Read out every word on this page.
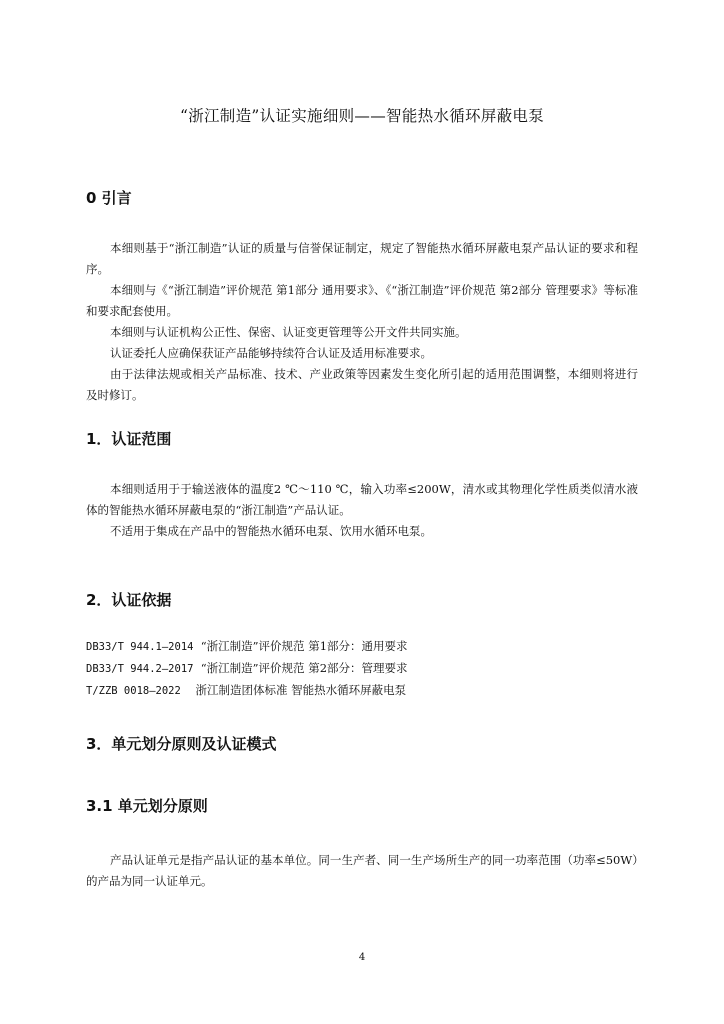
“浙江制造”认证实施细则——智能热水循环屏蔽电泵
0 引言

本细则基于“浙江制造”认证的质量与信誉保证制定，规定了智能热水循环屏蔽电泵产品认证的要求和程序。

本细则与《“浙江制造”评价规范 第1部分 通用要求》、《“浙江制造”评价规范 第2部分 管理要求》等标准和要求配套使用。

本细则与认证机构公正性、保密、认证变更管理等公开文件共同实施。

认证委托人应确保获证产品能够持续符合认证及适用标准要求。

由于法律法规或相关产品标准、技术、产业政策等因素发生变化所引起的适用范围调整，本细则将进行及时修订。

1．认证范围

本细则适用于于输送液体的温度2 ℃～110 ℃，输入功率≤200W，清水或其物理化学性质类似清水液体的智能热水循环屏蔽电泵的“浙江制造”产品认证。

不适用于集成在产品中的智能热水循环电泵、饮用水循环电泵。

2．认证依据
DB33/T 944.1—2014 “浙江制造”评价规范 第1部分：通用要求
DB33/T 944.2—2017 “浙江制造”评价规范 第2部分：管理要求
T/ZZB 0018—2022 浙江制造团体标准 智能热水循环屏蔽电泵
3．单元划分原则及认证模式
3.1 单元划分原则

产品认证单元是指产品认证的基本单位。同一生产者、同一生产场所生产的同一功率范围（功率≤50W）的产品为同一认证单元。

4
